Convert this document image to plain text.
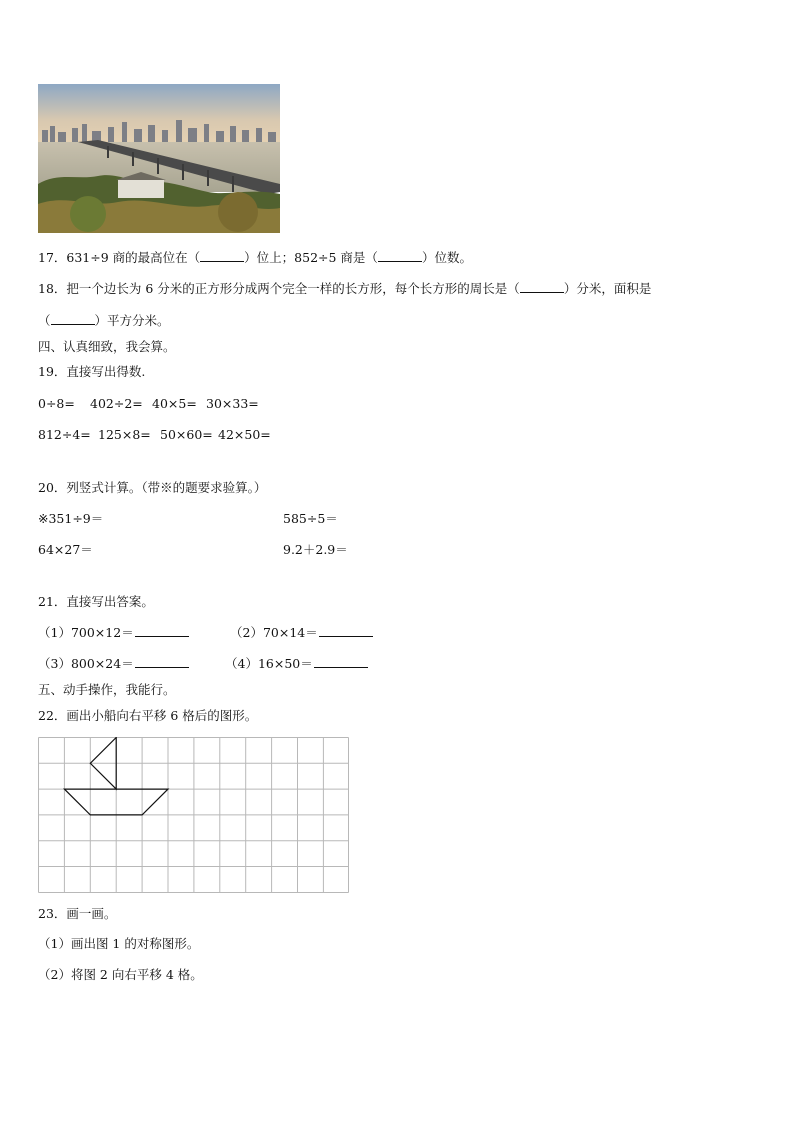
17．631÷9 商的最高位在（	）位上；852÷5 商是（	）位数。
18．把一个边长为 6 分米的正方形分成两个完全一样的长方形，每个长方形的周长是（	）分米，面积是
（	）平方分米。
四、认真细致，我会算。
19．直接写出得数.
0÷8= 402÷2= 40×5= 30×33=
812÷4= 125×8= 50×60= 42×50=
20．列竖式计算。（带※的题要求验算。）
※351÷9＝	585÷5＝
64×27＝	9.2＋2.9＝
21．直接写出答案。
（1）700×12＝	（2）70×14＝
（3）800×24＝	（4）16×50＝
五、动手操作，我能行。
22．画出小船向右平移 6 格后的图形。
23．画一画。
（1）画出图 1 的对称图形。
（2）将图 2 向右平移 4 格。
